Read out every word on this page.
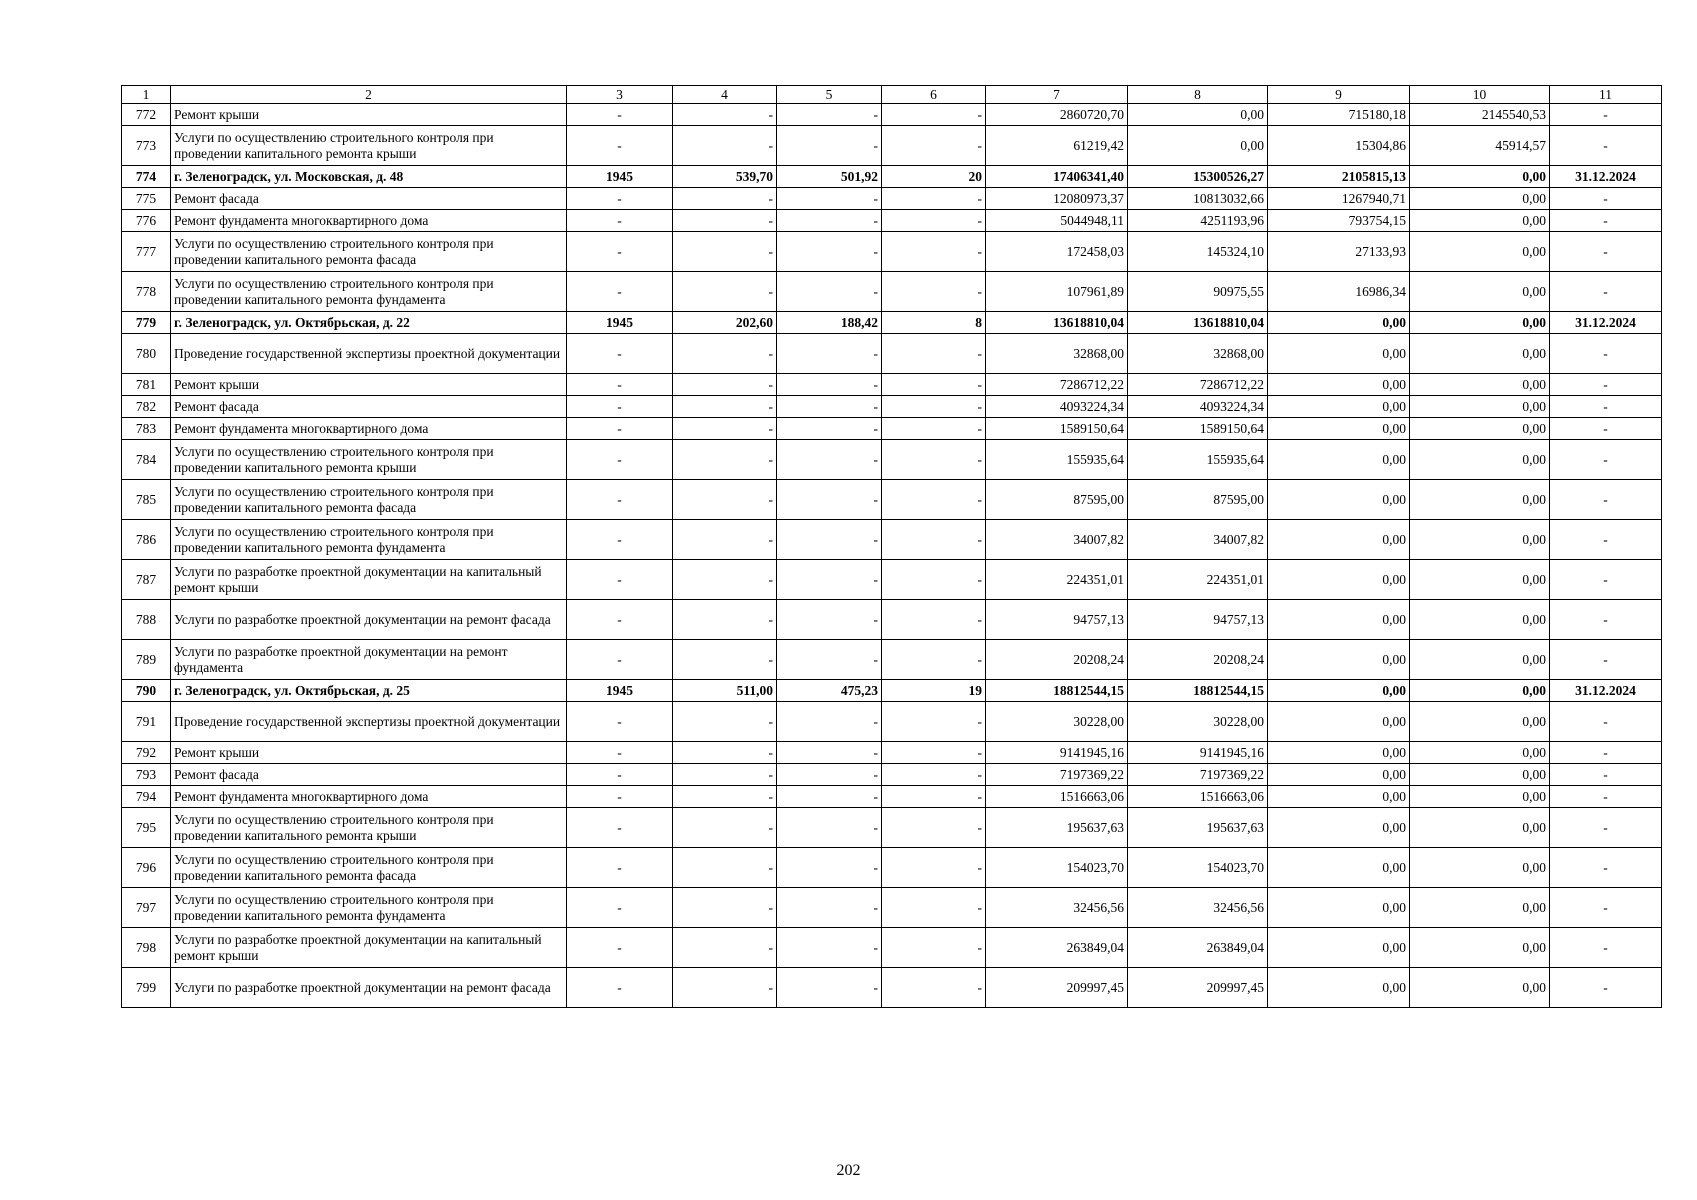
1	2	3	4	5	6	7	8	9	10	11
772	Ремонт крыши	-	-	-	-	2860720,70	0,00	715180,18	2145540,53	-
773	Услуги по осуществлению строительного контроля при проведении капитального ремонта крыши	-	-	-	-	61219,42	0,00	15304,86	45914,57	-
774	г. Зеленоградск, ул. Московская, д. 48	1945	539,70	501,92	20	17406341,40	15300526,27	2105815,13	0,00	31.12.2024
775	Ремонт фасада	-	-	-	-	12080973,37	10813032,66	1267940,71	0,00	-
776	Ремонт фундамента многоквартирного дома	-	-	-	-	5044948,11	4251193,96	793754,15	0,00	-
777	Услуги по осуществлению строительного контроля при проведении капитального ремонта фасада	-	-	-	-	172458,03	145324,10	27133,93	0,00	-
778	Услуги по осуществлению строительного контроля при проведении капитального ремонта фундамента	-	-	-	-	107961,89	90975,55	16986,34	0,00	-
779	г. Зеленоградск, ул. Октябрьская, д. 22	1945	202,60	188,42	8	13618810,04	13618810,04	0,00	0,00	31.12.2024
780	Проведение государственной экспертизы проектной документации	-	-	-	-	32868,00	32868,00	0,00	0,00	-
781	Ремонт крыши	-	-	-	-	7286712,22	7286712,22	0,00	0,00	-
782	Ремонт фасада	-	-	-	-	4093224,34	4093224,34	0,00	0,00	-
783	Ремонт фундамента многоквартирного дома	-	-	-	-	1589150,64	1589150,64	0,00	0,00	-
784	Услуги по осуществлению строительного контроля при проведении капитального ремонта крыши	-	-	-	-	155935,64	155935,64	0,00	0,00	-
785	Услуги по осуществлению строительного контроля при проведении капитального ремонта фасада	-	-	-	-	87595,00	87595,00	0,00	0,00	-
786	Услуги по осуществлению строительного контроля при проведении капитального ремонта фундамента	-	-	-	-	34007,82	34007,82	0,00	0,00	-
787	Услуги по разработке проектной документации на капитальный ремонт крыши	-	-	-	-	224351,01	224351,01	0,00	0,00	-
788	Услуги по разработке проектной документации на ремонт фасада	-	-	-	-	94757,13	94757,13	0,00	0,00	-
789	Услуги по разработке проектной документации на ремонт фундамента	-	-	-	-	20208,24	20208,24	0,00	0,00	-
790	г. Зеленоградск, ул. Октябрьская, д. 25	1945	511,00	475,23	19	18812544,15	18812544,15	0,00	0,00	31.12.2024
791	Проведение государственной экспертизы проектной документации	-	-	-	-	30228,00	30228,00	0,00	0,00	-
792	Ремонт крыши	-	-	-	-	9141945,16	9141945,16	0,00	0,00	-
793	Ремонт фасада	-	-	-	-	7197369,22	7197369,22	0,00	0,00	-
794	Ремонт фундамента многоквартирного дома	-	-	-	-	1516663,06	1516663,06	0,00	0,00	-
795	Услуги по осуществлению строительного контроля при проведении капитального ремонта крыши	-	-	-	-	195637,63	195637,63	0,00	0,00	-
796	Услуги по осуществлению строительного контроля при проведении капитального ремонта фасада	-	-	-	-	154023,70	154023,70	0,00	0,00	-
797	Услуги по осуществлению строительного контроля при проведении капитального ремонта фундамента	-	-	-	-	32456,56	32456,56	0,00	0,00	-
798	Услуги по разработке проектной документации на капитальный ремонт крыши	-	-	-	-	263849,04	263849,04	0,00	0,00	-
799	Услуги по разработке проектной документации на ремонт фасада	-	-	-	-	209997,45	209997,45	0,00	0,00	-
202
